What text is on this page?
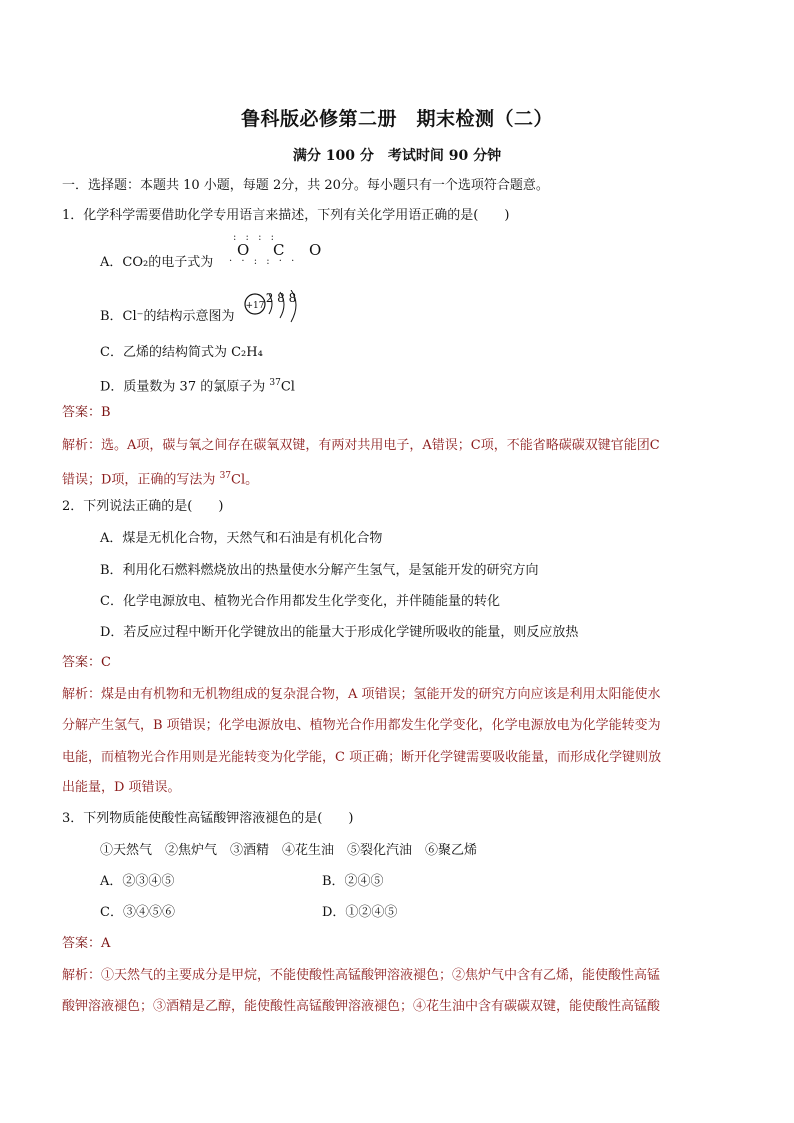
鲁科版必修第二册　期末检测（二）
满分 100 分　考试时间 90 分钟
一．选择题：本题共 10 小题，每题 2分，共 20分。每小题只有一个选项符合题意。
1．化学科学需要借助化学专用语言来描述，下列有关化学用语正确的是(　　)
A．CO₂的电子式为
: : : :
O C O
· · : : · ·
B．Cl⁻的结构示意图为
+17
2 8 8
C．乙烯的结构简式为 C₂H₄
D．质量数为 37 的氯原子为 $^{37}$Cl
答案：B
解析：选。A项，碳与氧之间存在碳氧双键，有两对共用电子，A错误；C项，不能省略碳碳双键官能团C
错误；D项，正确的写法为 $^{37}$Cl。
2．下列说法正确的是(　　)
A．煤是无机化合物，天然气和石油是有机化合物
B．利用化石燃料燃烧放出的热量使水分解产生氢气，是氢能开发的研究方向
C．化学电源放电、植物光合作用都发生化学变化，并伴随能量的转化
D．若反应过程中断开化学键放出的能量大于形成化学键所吸收的能量，则反应放热
答案：C
解析：煤是由有机物和无机物组成的复杂混合物，A 项错误；氢能开发的研究方向应该是利用太阳能使水
分解产生氢气，B 项错误；化学电源放电、植物光合作用都发生化学变化，化学电源放电为化学能转变为
电能，而植物光合作用则是光能转变为化学能，C 项正确；断开化学键需要吸收能量，而形成化学键则放
出能量，D 项错误。
3．下列物质能使酸性高锰酸钾溶液褪色的是(　　)
①天然气　②焦炉气　③酒精　④花生油　⑤裂化汽油　⑥聚乙烯
A．②③④⑤	B．②④⑤
C．③④⑤⑥	D．①②④⑤
答案：A
解析：①天然气的主要成分是甲烷，不能使酸性高锰酸钾溶液褪色；②焦炉气中含有乙烯，能使酸性高锰
酸钾溶液褪色；③酒精是乙醇，能使酸性高锰酸钾溶液褪色；④花生油中含有碳碳双键，能使酸性高锰酸
